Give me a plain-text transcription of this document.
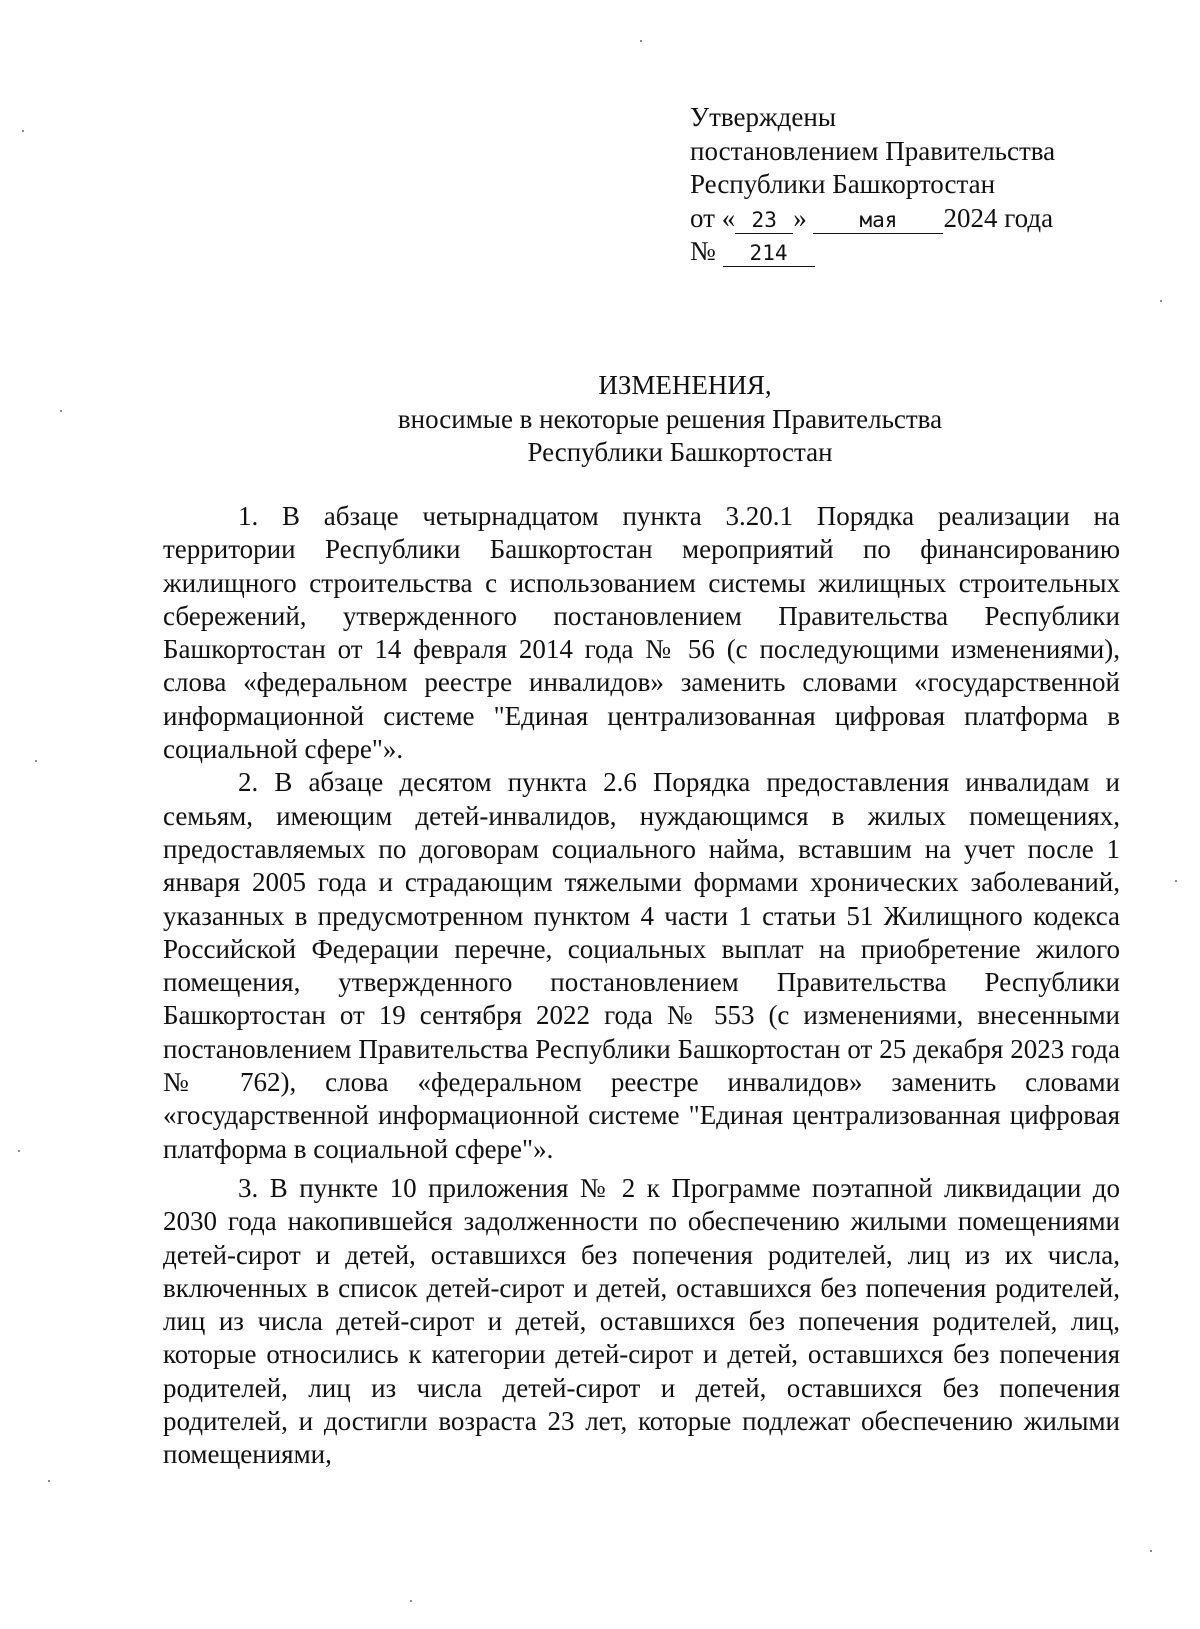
Утверждены
постановлением Правительства
Республики Башкортостан
от « 23 »	мая 2024 года
№ 214
ИЗМЕНЕНИЯ,
вносимые в некоторые решения Правительства
Республики Башкортостан

1. В абзаце четырнадцатом пункта 3.20.1 Порядка реализации на территории Республики Башкортостан мероприятий по финансированию жилищного строительства с использованием системы жилищных строительных сбережений, утвержденного постановлением Правительства Республики Башкортостан от 14 февраля 2014 года № 56 (с последующими изменениями), слова «федеральном реестре инвалидов» заменить словами «государственной информационной системе "Единая централизованная цифровая платформа в социальной сфере"».

2. В абзаце десятом пункта 2.6 Порядка предоставления инвалидам и семьям, имеющим детей-инвалидов, нуждающимся в жилых помещениях, предоставляемых по договорам социального найма, вставшим на учет после 1 января 2005 года и страдающим тяжелыми формами хронических заболеваний, указанных в предусмотренном пунктом 4 части 1 статьи 51 Жилищного кодекса Российской Федерации перечне, социальных выплат на приобретение жилого помещения, утвержденного постановлением Правительства Республики Башкортостан от 19 сентября 2022 года № 553 (с изменениями, внесенными постановлением Правительства Республики Башкортостан от 25 декабря 2023 года № 762), слова «федеральном реестре инвалидов» заменить словами «государственной информационной системе "Единая централизованная цифровая платформа в социальной сфере"».

3. В пункте 10 приложения № 2 к Программе поэтапной ликвидации до 2030 года накопившейся задолженности по обеспечению жилыми помещениями детей-сирот и детей, оставшихся без попечения родителей, лиц из их числа, включенных в список детей-сирот и детей, оставшихся без попечения родителей, лиц из числа детей-сирот и детей, оставшихся без попечения родителей, лиц, которые относились к категории детей-сирот и детей, оставшихся без попечения родителей, лиц из числа детей-сирот и детей, оставшихся без попечения родителей, и достигли возраста 23 лет, которые подлежат обеспечению жилыми помещениями,
